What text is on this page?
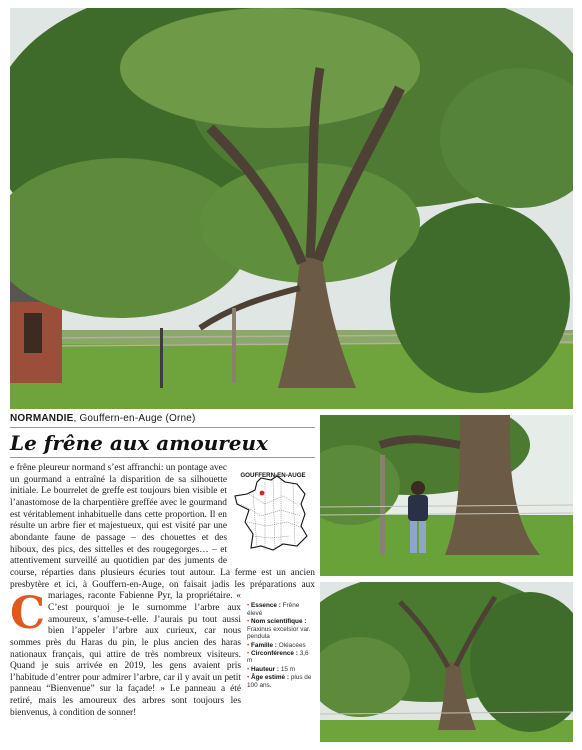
NORMANDIE, Gouffern-en-Auge (Orne)
Le frêne aux amoureux
GOUFFERN-EN-AUGE
• Essence : Frêne élevé
• Nom scientifique : Fraxinus excelsior var. pendula
• Famille : Oléacées
• Circonférence : 3,6 m
• Hauteur : 15 m
• Âge estimé : plus de 100 ans.
C
e frêne pleureur normand s’est affranchi: un pontage avec un gourmand a entraîné la disparition de sa silhouette initiale. Le bourrelet de greffe est toujours bien visible et l’anastomose de la charpentière greffée avec le gourmand est véritablement inhabituelle dans cette proportion. Il en résulte un arbre fier et majestueux, qui est visité par une abondante faune de passage – des chouettes et des hiboux, des pics, des sittelles et des rougegorges… – et attentivement surveillé au quotidien par des juments de course, réparties dans plusieurs écuries tout autour. La ferme est un ancien presbytère et ici, à Gouffern-en-Auge, on faisait jadis les préparations aux mariages, raconte Fabienne Pyr, la propriétaire. « C’est pourquoi je le surnomme l’arbre aux amoureux, s’amuse-t-elle. J’aurais pu tout aussi bien l’appeler l’arbre aux curieux, car nous sommes près du Haras du pin, le plus ancien des haras nationaux français, qui attire de très nombreux visiteurs. Quand je suis arrivée en 2019, les gens avaient pris l’habitude d’entrer pour admirer l’arbre, car il y avait un petit panneau “Bienvenue” sur la façade! » Le panneau a été retiré, mais les amoureux des arbres sont toujours les bienvenus, à condition de sonner!
